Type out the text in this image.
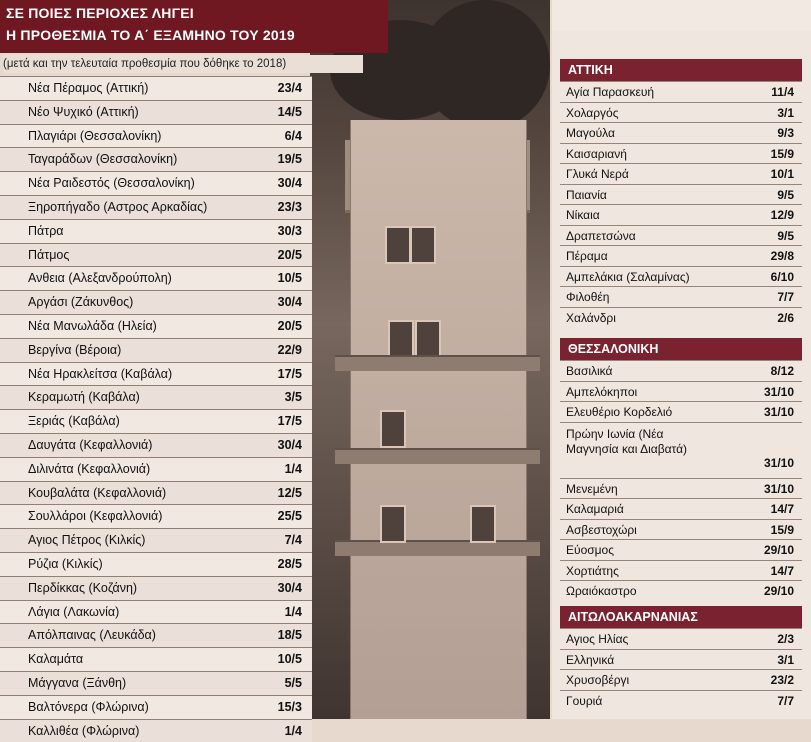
ΣΕ ΠΟΙΕΣ ΠΕΡΙΟΧΕΣ ΛΗΓΕΙ
Η ΠΡΟΘΕΣΜΙΑ ΤΟ Α΄ ΕΞΑΜΗΝΟ ΤΟΥ 2019
(μετά και την τελευταία προθεσμία που δόθηκε το 2018)
Νέα Πέραμος (Αττική)	23/4
Νέο Ψυχικό (Αττική)	14/5
Πλαγιάρι (Θεσσαλονίκη)	6/4
Ταγαράδων (Θεσσαλονίκη)	19/5
Νέα Ραιδεστός (Θεσσαλονίκη)	30/4
Ξηροπήγαδο (Αστρος Αρκαδίας)	23/3
Πάτρα	30/3
Πάτμος	20/5
Ανθεια (Αλεξανδρούπολη)	10/5
Αργάσι (Ζάκυνθος)	30/4
Νέα Μανωλάδα (Ηλεία)	20/5
Βεργίνα (Βέροια)	22/9
Νέα Ηρακλείτσα (Καβάλα)	17/5
Κεραμωτή (Καβάλα)	3/5
Ξεριάς (Καβάλα)	17/5
Δαυγάτα (Κεφαλλονιά)	30/4
Διλινάτα (Κεφαλλονιά)	1/4
Κουβαλάτα (Κεφαλλονιά)	12/5
Σουλλάροι (Κεφαλλονιά)	25/5
Αγιος Πέτρος (Κιλκίς)	7/4
Ρύζια (Κιλκίς)	28/5
Περδίκκας (Κοζάνη)	30/4
Λάγια (Λακωνία)	1/4
Απόλπαινας (Λευκάδα)	18/5
Καλαμάτα	10/5
Μάγγανα (Ξάνθη)	5/5
Βαλτόνερα (Φλώρινα)	15/3
Καλλιθέα (Φλώρινα)	1/4
ΑΤΤΙΚΗ
Αγία Παρασκευή	11/4
Χολαργός	3/1
Μαγούλα	9/3
Καισαριανή	15/9
Γλυκά Νερά	10/1
Παιανία	9/5
Νίκαια	12/9
Δραπετσώνα	9/5
Πέραμα	29/8
Αμπελάκια (Σαλαμίνας)	6/10
Φιλοθέη	7/7
Χαλάνδρι	2/6
ΘΕΣΣΑΛΟΝΙΚΗ
Βασιλικά	8/12
Αμπελόκηποι	31/10
Ελευθέριο Κορδελιό	31/10
Πρώην Ιωνία (Νέα Μαγνησία και Διαβατά)
31/10
Μενεμένη	31/10
Καλαμαριά	14/7
Ασβεστοχώρι	15/9
Εύοσμος	29/10
Χορτιάτης	14/7
Ωραιόκαστρο	29/10
ΑΙΤΩΛΟΑΚΑΡΝΑΝΙΑΣ
Αγιος Ηλίας	2/3
Ελληνικά	3/1
Χρυσοβέργι	23/2
Γουριά	7/7
